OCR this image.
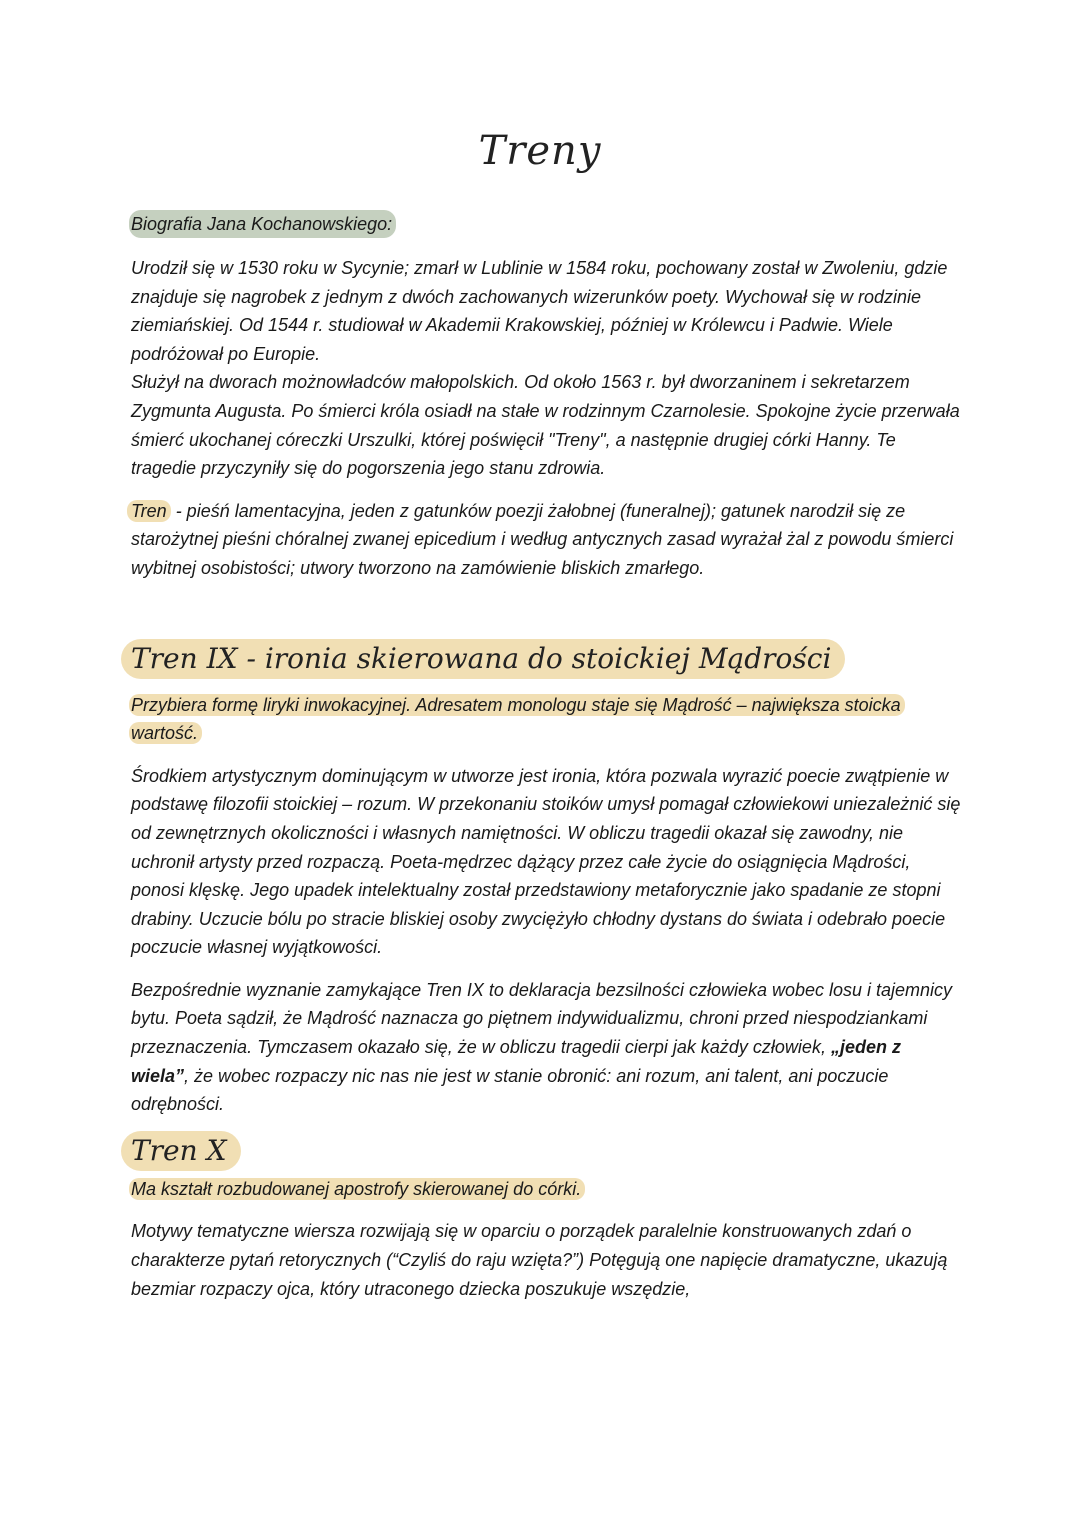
Treny
Biografia Jana Kochanowskiego:

Urodził się w 1530 roku w Sycynie; zmarł w Lublinie w 1584 roku, pochowany został w Zwoleniu, gdzie znajduje się nagrobek z jednym z dwóch zachowanych wizerunków poety. Wychował się w rodzinie ziemiańskiej. Od 1544 r. studiował w Akademii Krakowskiej, później w Królewcu i Padwie. Wiele podróżował po Europie.

Służył na dworach możnowładców małopolskich. Od około 1563 r. był dworzaninem i sekretarzem Zygmunta Augusta. Po śmierci króla osiadł na stałe w rodzinnym Czarnolesie. Spokojne życie przerwała śmierć ukochanej córeczki Urszulki, której poświęcił "Treny", a następnie drugiej córki Hanny. Te tragedie przyczyniły się do pogorszenia jego stanu zdrowia.

Tren - pieśń lamentacyjna, jeden z gatunków poezji żałobnej (funeralnej); gatunek narodził się ze starożytnej pieśni chóralnej zwanej epicedium i według antycznych zasad wyrażał żal z powodu śmierci wybitnej osobistości; utwory tworzono na zamówienie bliskich zmarłego.

Tren IX - ironia skierowana do stoickiej Mądrości

Przybiera formę liryki inwokacyjnej. Adresatem monologu staje się Mądrość – największa stoicka wartość.

Środkiem artystycznym dominującym w utworze jest ironia, która pozwala wyrazić poecie zwątpienie w podstawę filozofii stoickiej – rozum. W przekonaniu stoików umysł pomagał człowiekowi uniezależnić się od zewnętrznych okoliczności i własnych namiętności. W obliczu tragedii okazał się zawodny, nie uchronił artysty przed rozpaczą. Poeta-mędrzec dążący przez całe życie do osiągnięcia Mądrości, ponosi klęskę. Jego upadek intelektualny został przedstawiony metaforycznie jako spadanie ze stopni drabiny. Uczucie bólu po stracie bliskiej osoby zwyciężyło chłodny dystans do świata i odebrało poecie poczucie własnej wyjątkowości.

Bezpośrednie wyznanie zamykające Tren IX to deklaracja bezsilności człowieka wobec losu i tajemnicy bytu. Poeta sądził, że Mądrość naznacza go piętnem indywidualizmu, chroni przed niespodziankami przeznaczenia. Tymczasem okazało się, że w obliczu tragedii cierpi jak każdy człowiek, „jeden z wiela”, że wobec rozpaczy nic nas nie jest w stanie obronić: ani rozum, ani talent, ani poczucie odrębności.

Tren X

Ma kształt rozbudowanej apostrofy skierowanej do córki.

Motywy tematyczne wiersza rozwijają się w oparciu o porządek paralelnie konstruowanych zdań o charakterze pytań retorycznych (“Czyliś do raju wzięta?”) Potęgują one napięcie dramatyczne, ukazują bezmiar rozpaczy ojca, który utraconego dziecka poszukuje wszędzie,
